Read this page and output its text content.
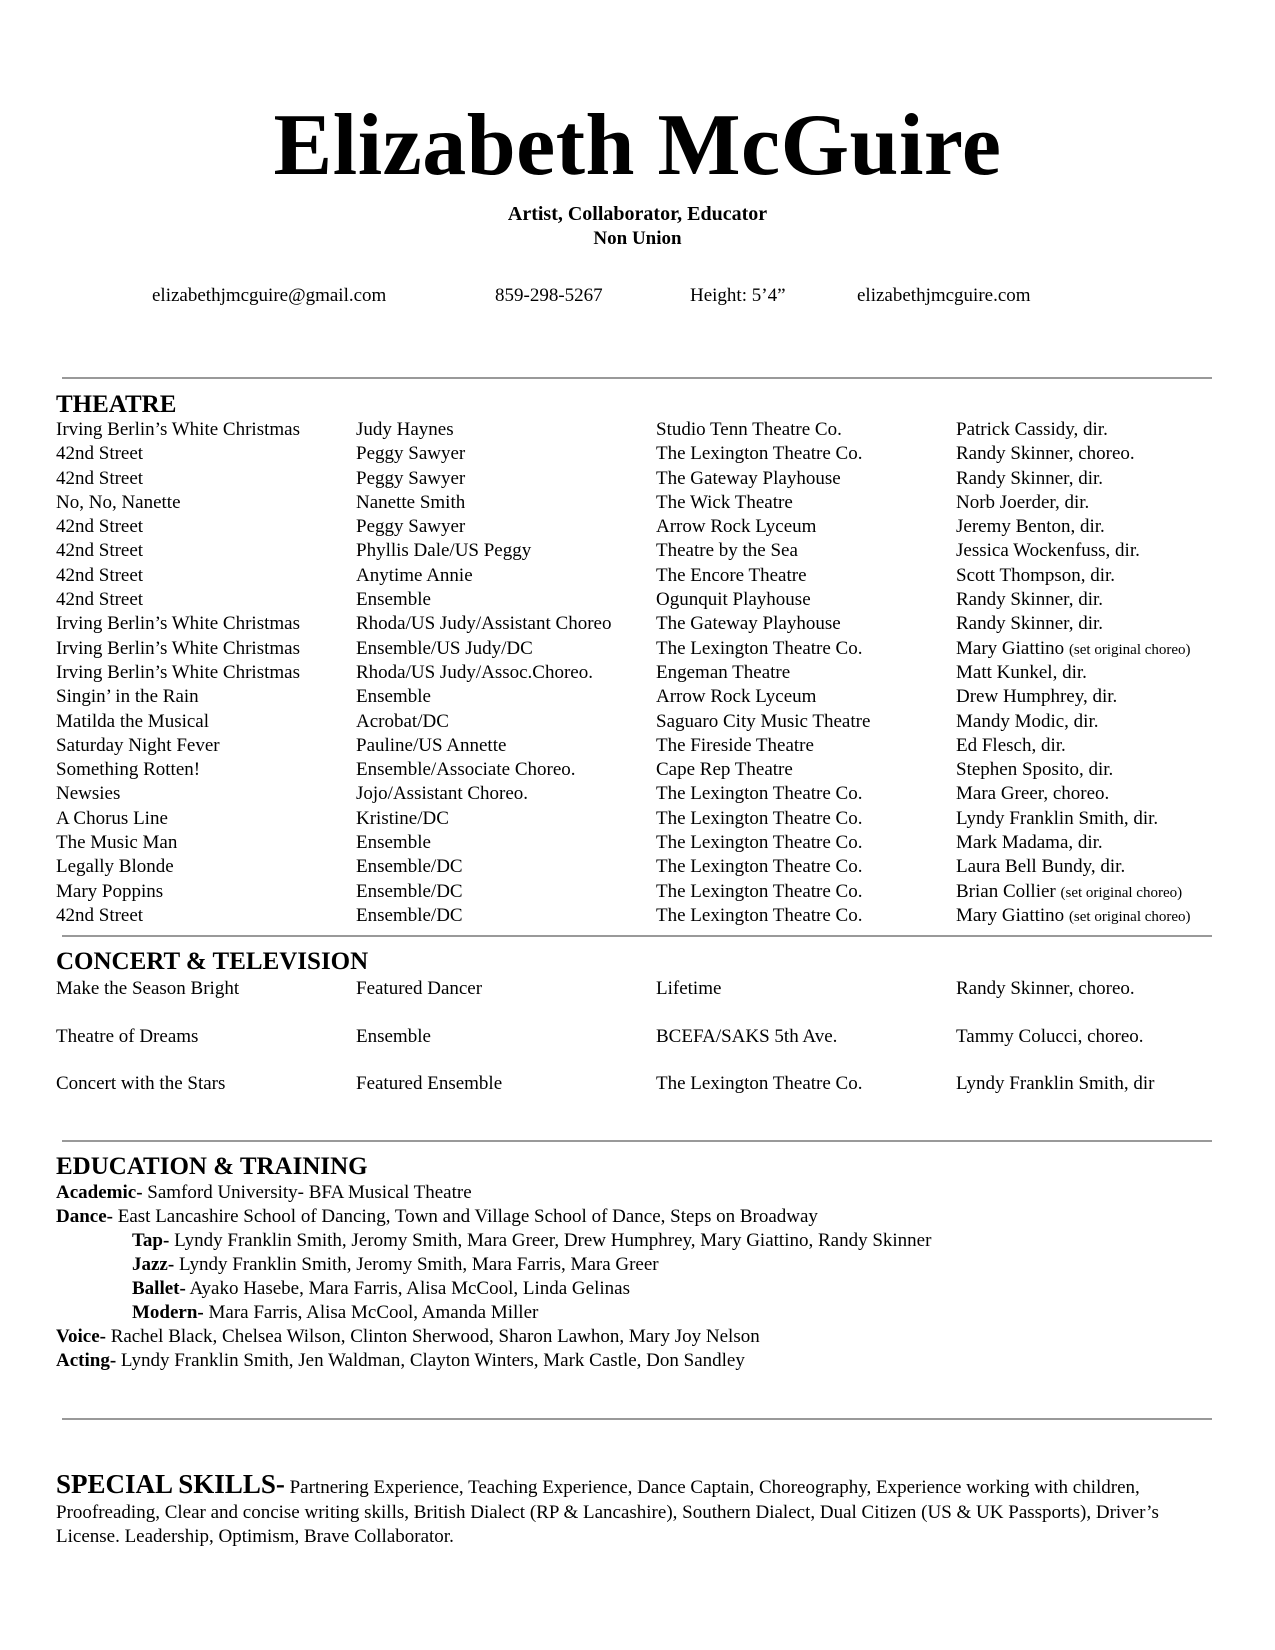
Elizabeth McGuire
Artist, Collaborator, Educator
Non Union
elizabethjmcguire@gmail.com	859-298-5267	Height: 5’4”	elizabethjmcguire.com
THEATRE
Irving Berlin’s White Christmas	Judy Haynes	Studio Tenn Theatre Co.	Patrick Cassidy, dir.
42nd Street	Peggy Sawyer	The Lexington Theatre Co.	Randy Skinner, choreo.
42nd Street	Peggy Sawyer	The Gateway Playhouse	Randy Skinner, dir.
No, No, Nanette	Nanette Smith	The Wick Theatre	Norb Joerder, dir.
42nd Street	Peggy Sawyer	Arrow Rock Lyceum	Jeremy Benton, dir.
42nd Street	Phyllis Dale/US Peggy	Theatre by the Sea	Jessica Wockenfuss, dir.
42nd Street	Anytime Annie	The Encore Theatre	Scott Thompson, dir.
42nd Street	Ensemble	Ogunquit Playhouse	Randy Skinner, dir.
Irving Berlin’s White Christmas	Rhoda/US Judy/Assistant Choreo	The Gateway Playhouse	Randy Skinner, dir.
Irving Berlin’s White Christmas	Ensemble/US Judy/DC	The Lexington Theatre Co.	Mary Giattino (set original choreo)
Irving Berlin’s White Christmas	Rhoda/US Judy/Assoc.Choreo.	Engeman Theatre	Matt Kunkel, dir.
Singin’ in the Rain	Ensemble	Arrow Rock Lyceum	Drew Humphrey, dir.
Matilda the Musical	Acrobat/DC	Saguaro City Music Theatre	Mandy Modic, dir.
Saturday Night Fever	Pauline/US Annette	The Fireside Theatre	Ed Flesch, dir.
Something Rotten!	Ensemble/Associate Choreo.	Cape Rep Theatre	Stephen Sposito, dir.
Newsies	Jojo/Assistant Choreo.	The Lexington Theatre Co.	Mara Greer, choreo.
A Chorus Line	Kristine/DC	The Lexington Theatre Co.	Lyndy Franklin Smith, dir.
The Music Man	Ensemble	The Lexington Theatre Co.	Mark Madama, dir.
Legally Blonde	Ensemble/DC	The Lexington Theatre Co.	Laura Bell Bundy, dir.
Mary Poppins	Ensemble/DC	The Lexington Theatre Co.	Brian Collier (set original choreo)
42nd Street	Ensemble/DC	The Lexington Theatre Co.	Mary Giattino (set original choreo)
CONCERT & TELEVISION
Make the Season Bright	Featured Dancer	Lifetime	Randy Skinner, choreo.
Theatre of Dreams	Ensemble	BCEFA/SAKS 5th Ave.	Tammy Colucci, choreo.
Concert with the Stars	Featured Ensemble	The Lexington Theatre Co.	Lyndy Franklin Smith, dir
EDUCATION & TRAINING
Academic- Samford University- BFA Musical Theatre
Dance- East Lancashire School of Dancing, Town and Village School of Dance, Steps on Broadway
Tap- Lyndy Franklin Smith, Jeromy Smith, Mara Greer, Drew Humphrey, Mary Giattino, Randy Skinner
Jazz- Lyndy Franklin Smith, Jeromy Smith, Mara Farris, Mara Greer
Ballet- Ayako Hasebe, Mara Farris, Alisa McCool, Linda Gelinas
Modern- Mara Farris, Alisa McCool, Amanda Miller
Voice- Rachel Black, Chelsea Wilson, Clinton Sherwood, Sharon Lawhon, Mary Joy Nelson
Acting- Lyndy Franklin Smith, Jen Waldman, Clayton Winters, Mark Castle, Don Sandley
SPECIAL SKILLS- Partnering Experience, Teaching Experience, Dance Captain, Choreography, Experience working with children, Proofreading, Clear and concise writing skills, British Dialect (RP & Lancashire), Southern Dialect, Dual Citizen (US & UK Passports), Driver’s License. Leadership, Optimism, Brave Collaborator.
